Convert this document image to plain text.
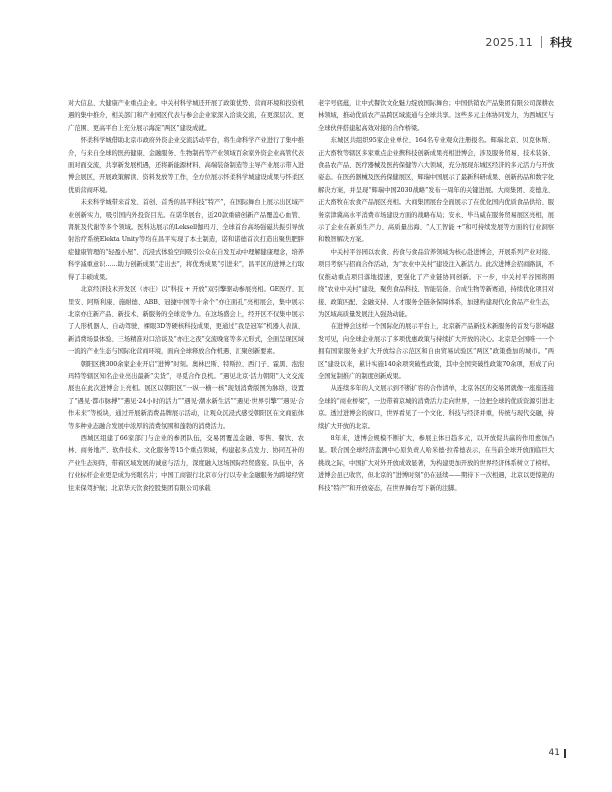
2025.11 科技

对大信息、大健康产业重点企业。中关村科学城还开展了政策优势、营商环境和投资机遇的集中推介，相关部门和产业园区代表与参会企业家深入洽谈交流，在更深层次、更广范围、更高平台上充分展示海淀“两区”建设成就。

怀柔科学城借助北京市政府外资企业交流活动平台，将生命科学产业进行了集中推介，与来自全球的医药健康、金融服务、生物制药等产业领域百余家外资企业高管代表面对面交流，共享新发展机遇，还将新能源材料、高端装备制造等主导产业展示带入进博会展区，开展政策解读、资料发放等工作，全方位展示怀柔科学城建设成果与怀柔区优质营商环境。

未来科学城带来首发、首创、首秀的昌平科技“特产”，在国际舞台上展示出区域产业创新实力，吸引国内外投资目光。在诺华展台，近20款重磅创新产品覆盖心血管、肾脏及代谢等多个领域。医科达展示的Leksell伽玛刀、全球首台高场强磁共振引导放射治疗系统Elekta Unity等均在昌平实现了本土制造，诺和诺德首次打造出聚焦肥胖症健康管理的“轻盈小屋”、沉浸式体验空间吸引公众在自发互动中理解健康理念，培养科学减重意识……助力创新成果“走出去”，将优秀成果“引进来”，昌平区的进博之行取得了丰硕成果。

北京经济技术开发区（亦庄）以“科技 + 开放”双引擎驱动参展亮相。GE医疗、瓦里安、阿斯利康、施耐德、ABB、冠捷中国等十余个“亦庄面孔”亮相展会，集中展示北京亦庄新产品、新技术、新服务的全球竞争力。在这场盛会上，经开区不仅集中展示了人形机器人、自动驾驶、裸眼3D等硬核科技成果，更通过“我是冠军”机器人表演、新消费场景体验、三场精准对口洽谈及“亦庄之夜”交流晚宴等多元形式，全面呈现区域一流的产业生态与国际化营商环境，面向全球释放合作机遇、汇聚创新要素。

朝阳区携300余家企业开启“进博”时刻。奥林巴斯、特斯拉、西门子、霍黑、泡泡玛特等辖区知名企业亮出最新“尖货”，寻觅合作良机。“遇见北京·活力朝阳”人文交流展也在此次进博会上亮相。展区以朝阳区“一纵一横一核”现划消费版图为脉络，设置了“遇见·都市脉搏”“遇见·24小时的活力”“遇见·潮水新生活”“遇见·世界引擎”“遇见·合作未来”等板块，通过开展新消费品牌展示活动，让观众沉浸式感受朝阳区在文商旅体等多种业态融合发展中浓厚的消费氛围和蓬勃的消费活力。

西城区组建了66家部门与企业的参团队伍，交易团覆盖金融、零售、餐饮、农林、商务地产、软件技术、文化服务等15个重点领域，构建起多点发力、协同互补的产业生态矩阵，带着区域发展的诚意与活力，深度融入这场国际经贸盛宴。队伍中，各行业标杆企业更是成为亮眼名片；中国工商银行北京市分行以专业金融服务为跨境经贸往来保驾护航；北京华天饮食控股集团有限公司承载

老字号底蕴，让中式餐饮文化魅力绽放国际舞台；中国供销农产品集团有限公司深耕农林领域，推动优质农产品跨区域流通与全球共享。这些多元主体协同发力，为西城区与全球伙伴搭建起高效对接的合作桥梁。

东城区共组织95家企业单位、164名专业观众注册报名。辉瑞北京、贝克休斯、正大畜牧等辖区多家重点企业携科技创新成果亮相进博会，涉及服务贸易、技术装备、食品农产品、医疗器械及医药保健等六大领域，充分展现东城区经济的多元活力与开放姿态。在医药器械及医药保健展区，辉瑞中国展示了最新科研成果、创新药品和数字化解决方案，并呈现“辉瑞中国2030战略”发布一周年的关键进展。大商集团、麦德龙、正大畜牧在农食产品展区亮相。大商集团展台全面展示了在优化国内优质食品供给、服务京津冀高水平消费市场建设方面的战略布局；安永、毕马威在服务贸易展区亮相，展示了企业在新质生产力、高质量出海、“人工智能 +”和可持续发展等方面的行业洞察和数智解决方案。

中关村平谷园以农食、药食与食品营养领域为核心赴进博会，开展系列产业对接、项目考察与招商合作活动，为“农业中关村”建设注入新活力。此次进博会招商路演，不仅推动重点项目落地提速，更强化了产业链协同创新。下一步，中关村平谷园将围绕“农业中关村”建设，聚焦食品科技、智能装备、合成生物等新赛道，持续优化项目对接、政策匹配、金融支持、人才服务全链条保障体系，加速构建现代化食品产业生态，为区域高质量发展注入强劲动能。

在进博会这样一个国际化的展示平台上，北京新产品新技术新服务的首发与影响越发可见，向全球企业展示了多项优惠政策与持续扩大开放的决心。北京是全国唯一一个拥有国家服务业扩大开放综合示范区和自由贸易试验区“两区”政策叠加的城市。“两区”建设以来，累计实施140余项突破性政策，其中全国突破性政策70余项，形成了向全国复制推广的制度创新成果。

从连续多年的人文展示到不断扩容的合作清单，北京各区的交易团就像一座座连接全球的“商业桥梁”，一边带着京城的消费活力走向世界，一边把全球的优质资源引进北京。透过进博会的窗口，世界看见了一个文化、科技与经济并重，传统与现代交融，持续扩大开放的北京。

8年来，进博会规模不断扩大，参展主体日趋多元，以开放促共赢的作用愈加凸显。联合国全球经济监测中心原负责人哈米德·拉希德表示，在当前全球开放面临巨大挑战之际，中国扩大对外开放成效显著，为构建更加开放的世界经济体系树立了榜样。进博会虽已收官，但北京的“进博时刻”仍在延续——期待下一次相遇，北京以更惊艳的科技“特产”和开放姿态，在世界舞台写下新的注脚。

41
